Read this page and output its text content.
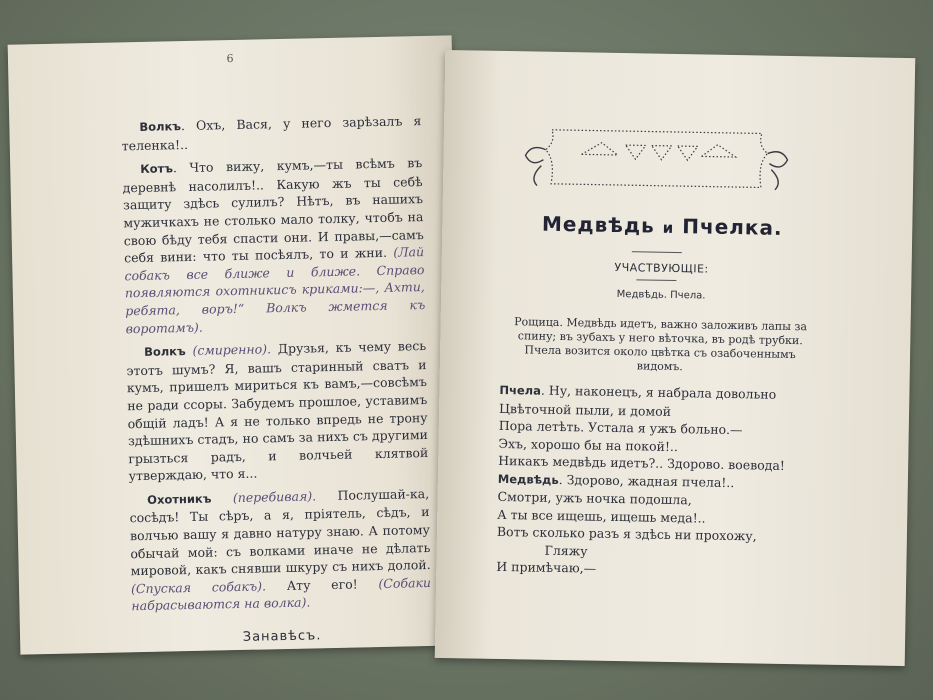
6

Волкъ. Охъ, Вася, у него зарѣзалъ я теленка!..

Котъ. Что вижу, кумъ,—ты всѣмъ въ деревнѣ насолилъ!.. Какую жъ ты себѣ защиту здѣсь сулилъ? Нѣтъ, въ нашихъ мужичкахъ не столько мало толку, чтобъ на свою бѣду тебя спасти они. И правы,—самъ себя вини: что ты посѣялъ, то и жни. (Лай собакъ все ближе и ближе. Справо появляются охотникиcъ криками:—, Ахти, ребята, воръ!“ Волкъ жмется къ воротамъ).

Волкъ (смиренно). Друзья, къ чему весь этотъ шумъ? Я, вашъ старинный сватъ и кумъ, пришелъ мириться къ вамъ,—совсѣмъ не ради ссоры. Забудемъ прошлое, уставимъ общій ладъ! А я не только впредь не трону здѣшнихъ стадъ, но самъ за нихъ съ другими грызться радъ, и волчьей клятвой утверждаю, что я...

Охотникъ (перебивая). Послушай-ка, сосѣдъ! Ты сѣръ, а я, пріятель, сѣдъ, и волчью вашу я давно натуру знаю. А потому обычай мой: съ волками иначе не дѣлать мировой, какъ снявши шкуру съ нихъ долой. (Спуская собакъ). Ату его! (Собаки набрасываются на волка).

Занавѣсъ.
Медвѣдь и Пчелка.
УЧАСТВУЮЩІЕ:
Медвѣдь. Пчела.
Рощица. Медвѣдь идетъ, важно заложивъ лапы за спину; въ зубахъ у него вѣточка, въ родѣ трубки. Пчела возится около цвѣтка съ озабоченнымъ видомъ.
Пчела. Ну, наконецъ, я набрала довольно
Цвѣточной пыли, и домой
Пора летѣть. Устала я ужъ больно.—
Эхъ, хорошо бы на покой!..
Никакъ медвѣдь идетъ?.. Здорово. воевода!
Медвѣдь. Здорово, жадная пчела!..
Смотри, ужъ ночка подошла,
А ты все ищешь, ищешь меда!..
Вотъ сколько разъ я здѣсь ни прохожу,
Гляжу
И примѣчаю,—
